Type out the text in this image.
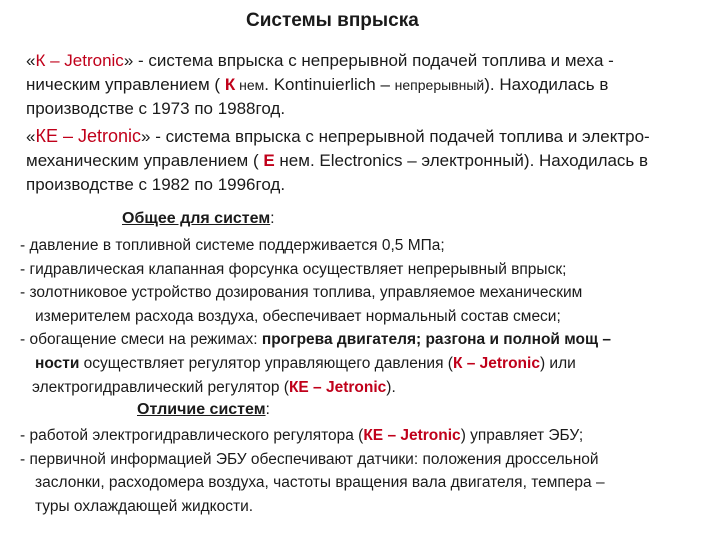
Системы впрыска
«К – Jetronic» - система впрыска с непрерывной подачей топлива и меха -
ническим управлением ( К нем. Kontinuierlich – непрерывный). Находилась в
производстве с 1973 по 1988год.
«КЕ – Jetronic» - система впрыска с непрерывной подачей топлива и электро-
механическим управлением ( Е нем. Electronics – электронный). Находилась в
производстве с 1982 по 1996год.
Общее для систем:
- давление в топливной системе поддерживается 0,5 МПа;
- гидравлическая клапанная форсунка осуществляет непрерывный впрыск;
- золотниковое устройство дозирования топлива, управляемое механическим
измерителем расхода воздуха, обеспечивает нормальный состав смеси;
- обогащение смеси на режимах: прогрева двигателя; разгона и полной мощ –
ности осуществляет регулятор управляющего давления (К – Jetronic) или
электрогидравлический регулятор (КЕ – Jetronic).
Отличие систем:
- работой электрогидравлического регулятора (КЕ – Jetronic) управляет ЭБУ;
- первичной информацией ЭБУ обеспечивают датчики: положения дроссельной
заслонки, расходомера воздуха, частоты вращения вала двигателя, темпера –
туры охлаждающей жидкости.
